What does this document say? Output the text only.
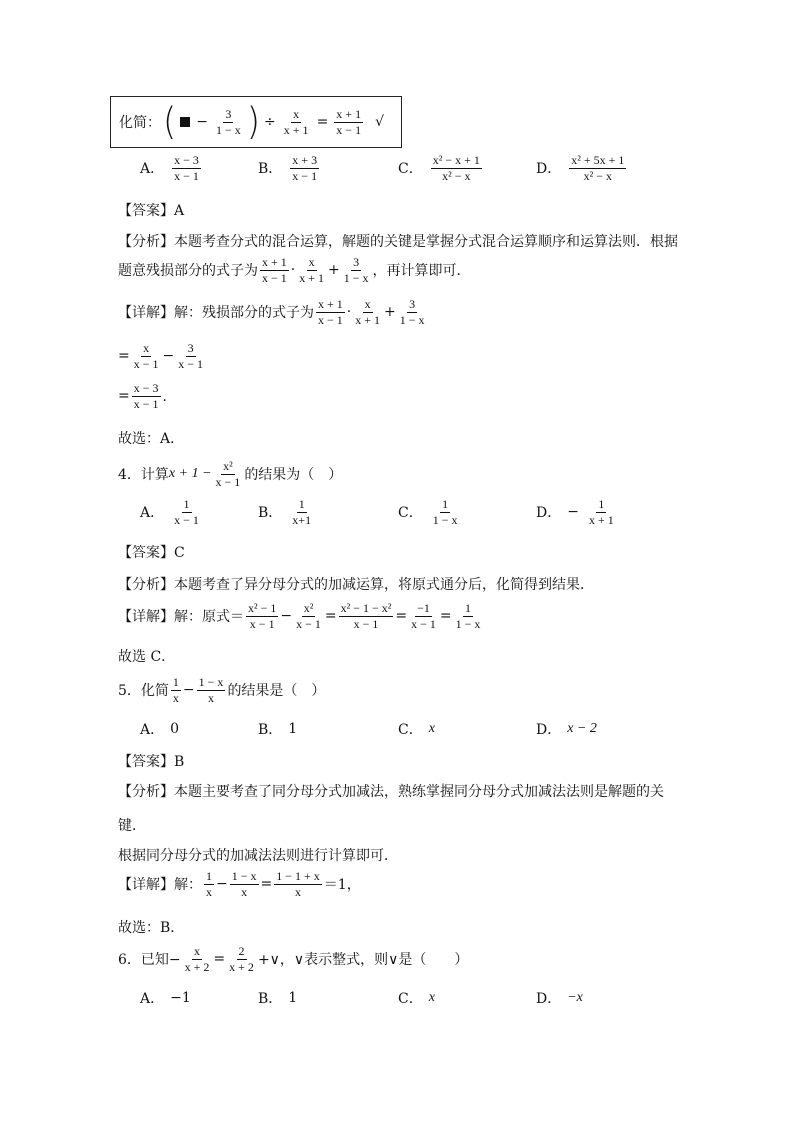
化简： ( − $\frac{3}{1 - x}$ ) ÷ $\frac{x}{x + 1} = \frac{x + 1}{x - 1}$ √
A． $\frac{x - 3}{x - 1}$	B． $\frac{x + 3}{x - 1}$	C． $\frac{\text{x² − x + 1}}{\text{x² − x}}$	D． $\frac{\text{x² + 5x + 1}}{\text{x² − x}}$
【答案】A
【分析】本题考查分式的混合运算，解题的关键是掌握分式混合运算顺序和运算法则．根据
题意残损部分的式子为 $\frac{x + 1}{x - 1} \cdot \frac{x}{x + 1} + \frac{3}{1 - x}$ ，再计算即可．
【详解】解：残损部分的式子为 $\frac{x + 1}{x - 1} \cdot \frac{x}{x + 1} + \frac{3}{1 - x}$
= $\frac{x}{x - 1} - \frac{3}{x - 1}$
= $\frac{x - 3}{x - 1}$ ．
故选：A．
4．计算 $x + 1 - \frac{\text{x²}}{x - 1}$ 的结果为（　）
A． $\frac{1}{x - 1}$	B． $\frac{1}{x+1}$	C． $\frac{1}{1 - x}$	D． − $\frac{1}{x + 1}$
【答案】C
【分析】本题考查了异分母分式的加减运算，将原式通分后，化简得到结果．
【详解】解：原式＝ $\frac{\text{x² − 1}}{x - 1} - \frac{\text{x²}}{x - 1} = \frac{\text{x² − 1 − x²}}{x - 1} = \frac{-1}{x - 1} = \frac{1}{1 - x}$
故选 C．
5．化简 $\frac{1}{x} - \frac{1 - x}{x}$ 的结果是（　）
A． 0	B． 1	C． x	D． x − 2
【答案】B
【分析】本题主要考查了同分母分式加减法，熟练掌握同分母分式加减法法则是解题的关
键．
根据同分母分式的加减法法则进行计算即可．
【详解】解： $\frac{1}{x} - \frac{1 - x}{x} = \frac{1 - 1 + x}{x} =1$，
故选：B．
6．已知− $\frac{x}{x + 2} = \frac{2}{x + 2}$ +∨，∨表示整式，则∨是（　　）
A． −1	B． 1	C． x	D． −x
